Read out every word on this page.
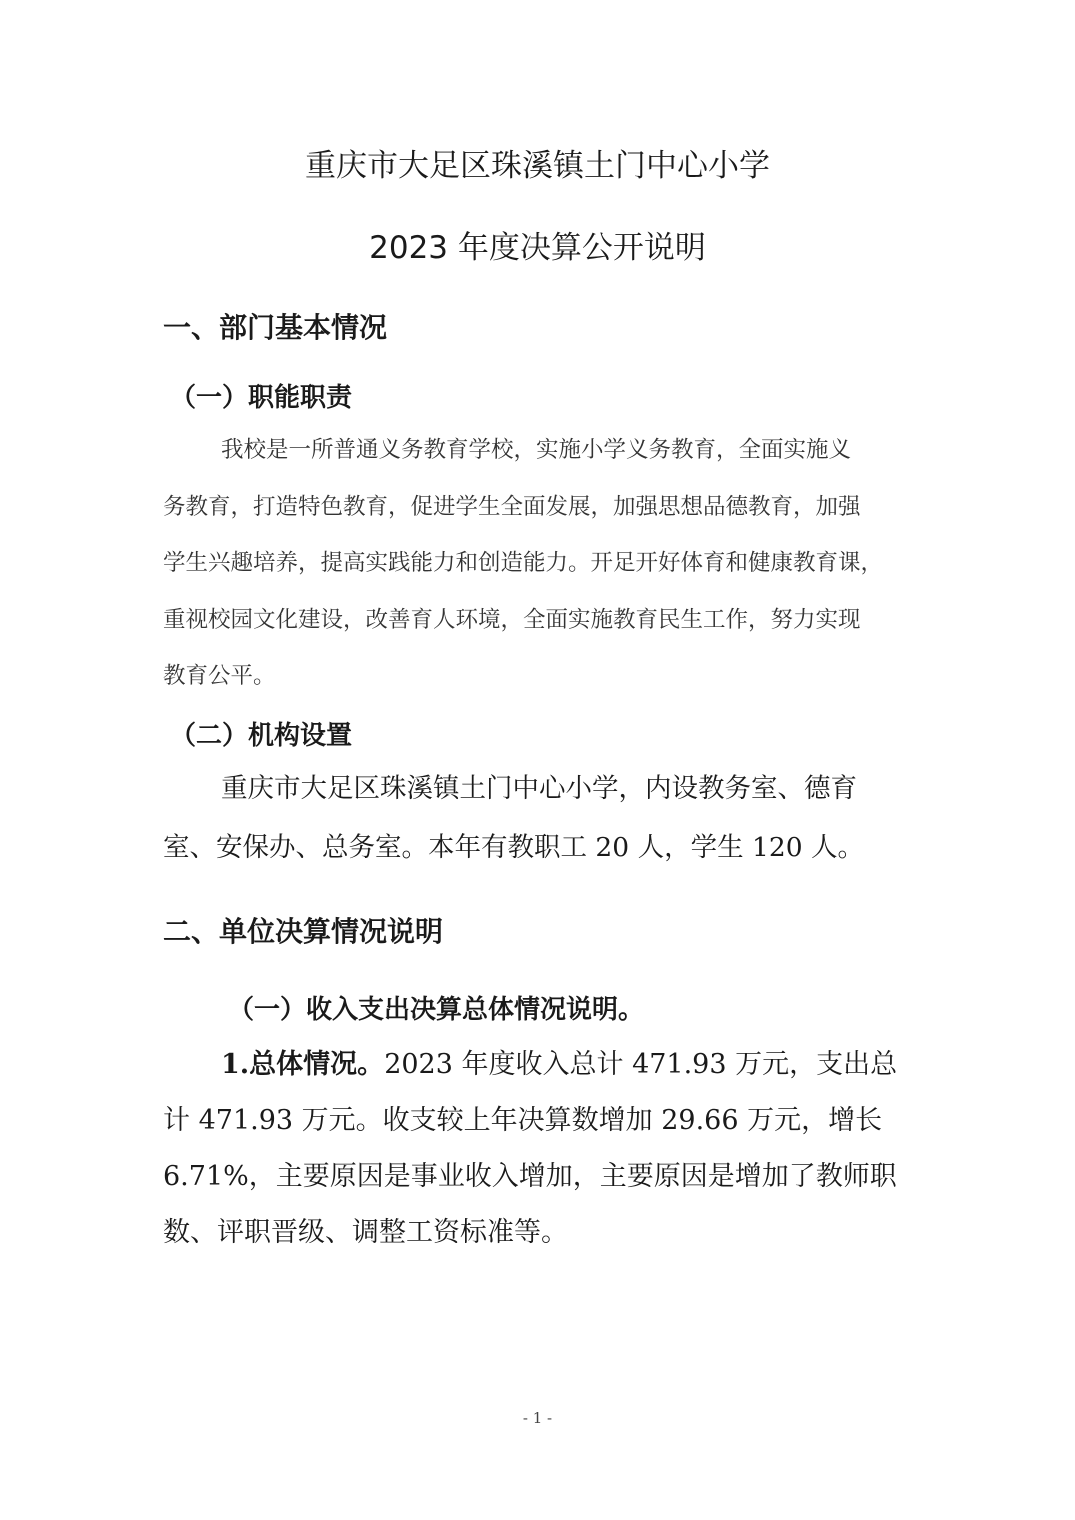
重庆市大足区珠溪镇土门中心小学
2023 年度决算公开说明
一、部门基本情况
（一）职能职责
我校是一所普通义务教育学校，实施小学义务教育，全面实施义
务教育，打造特色教育，促进学生全面发展，加强思想品德教育，加强
学生兴趣培养，提高实践能力和创造能力。开足开好体育和健康教育课，
重视校园文化建设，改善育人环境，全面实施教育民生工作，努力实现
教育公平。
（二）机构设置
重庆市大足区珠溪镇土门中心小学，内设教务室、德育
室、安保办、总务室。本年有教职工 20 人，学生 120 人。
二、单位决算情况说明
（一）收入支出决算总体情况说明。
1.总体情况。2023 年度收入总计 471.93 万元，支出总
计 471.93 万元。收支较上年决算数增加 29.66 万元，增长
6.71%，主要原因是事业收入增加，主要原因是增加了教师职
数、评职晋级、调整工资标准等。
- 1 -
